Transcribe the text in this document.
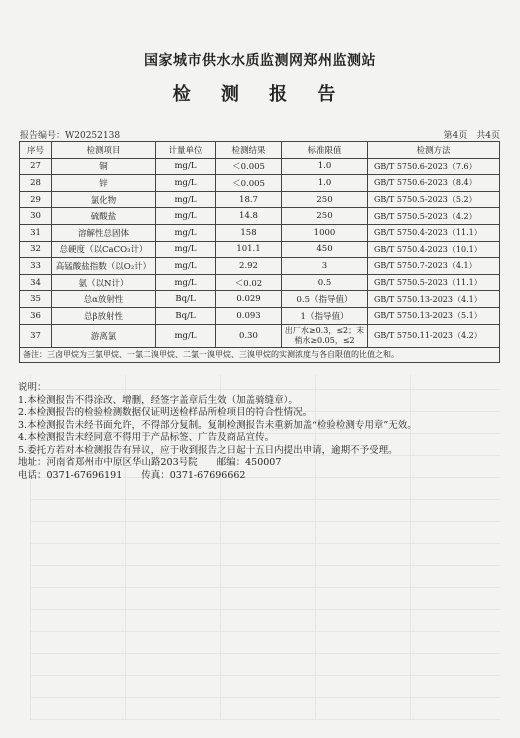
国家城市供水水质监测网郑州监测站
检 测 报 告
报告编号：W20252138	第4页　共4页
序号	检测项目	计量单位	检测结果	标准限值	检测方法
27	铜	mg/L	＜0.005	1.0	GB/T 5750.6-2023（7.6）
28	锌	mg/L	＜0.005	1.0	GB/T 5750.6-2023（8.4）
29	氯化物	mg/L	18.7	250	GB/T 5750.5-2023（5.2）
30	硫酸盐	mg/L	14.8	250	GB/T 5750.5-2023（4.2）
31	溶解性总固体	mg/L	158	1000	GB/T 5750.4-2023（11.1）
32	总硬度（以CaCO₃计）	mg/L	101.1	450	GB/T 5750.4-2023（10.1）
33	高锰酸盐指数（以O₂计）	mg/L	2.92	3	GB/T 5750.7-2023（4.1）
34	氨（以N计）	mg/L	＜0.02	0.5	GB/T 5750.5-2023（11.1）
35	总α放射性	Bq/L	0.029	0.5（指导值）	GB/T 5750.13-2023（4.1）
36	总β放射性	Bq/L	0.093	1（指导值）	GB/T 5750.13-2023（5.1）
37	游离氯	mg/L	0.30	出厂水≥0.3，≤2；末梢水≥0.05，≤2	GB/T 5750.11-2023（4.2）
备注：三卤甲烷为三氯甲烷、一氯二溴甲烷、二氯一溴甲烷、三溴甲烷的实测浓度与各自限值的比值之和。					
说明：
1.本检测报告不得涂改、增删，经签字盖章后生效（加盖骑缝章）。
2.本检测报告的检验检测数据仅证明送检样品所检项目的符合性情况。
3.本检测报告未经书面允许，不得部分复制。复制检测报告未重新加盖“检验检测专用章”无效。
4.本检测报告未经同意不得用于产品标签、广告及商品宣传。
5.委托方若对本检测报告有异议，应于收到报告之日起十五日内提出申请，逾期不予受理。
地址：河南省郑州市中原区华山路203号院　　邮编：450007
电话：0371-67696191　　传真：0371-67696662
